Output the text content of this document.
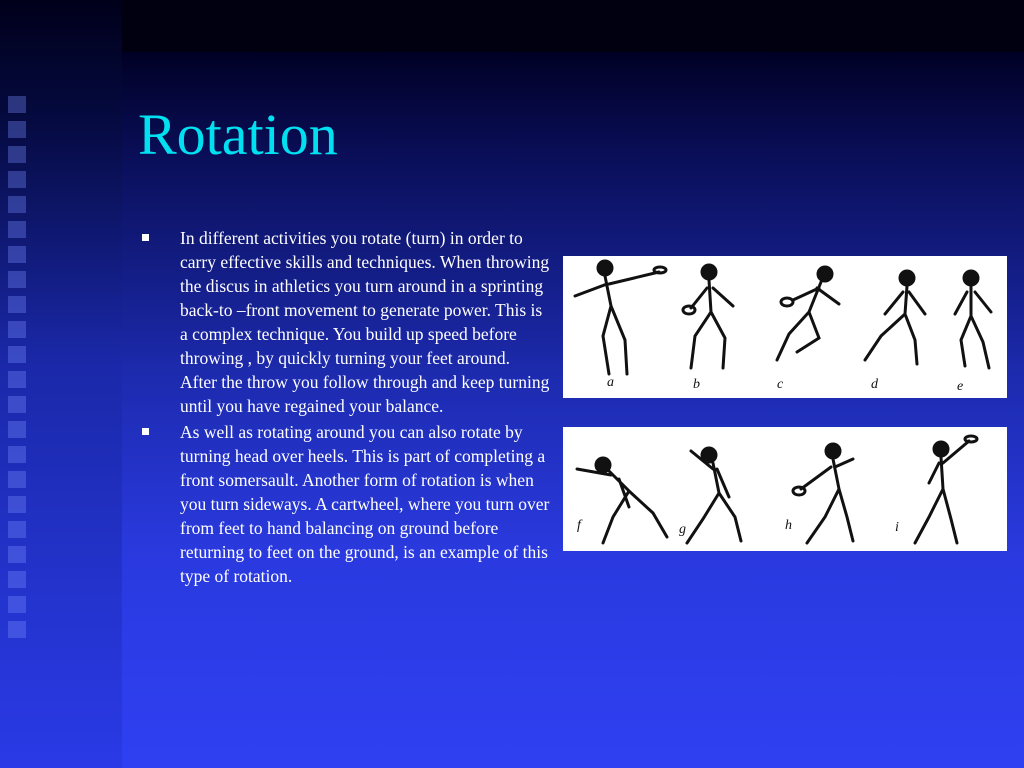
Rotation
In different activities you rotate (turn) in order to carry effective skills and techniques. When throwing the discus in athletics you turn around in a sprinting back-to –front movement to generate power. This is a complex technique. You build up speed before throwing , by quickly turning your feet around. After the throw you follow through and keep turning until you have regained your balance.
As well as rotating around you can also rotate by turning head over heels. This is part of completing a front somersault. Another form of rotation is when you turn sideways. A cartwheel, where you turn over from feet to hand balancing on ground before returning to feet on the ground, is an example of this type of rotation.
a	b	c	d	e
f	g	h	i
